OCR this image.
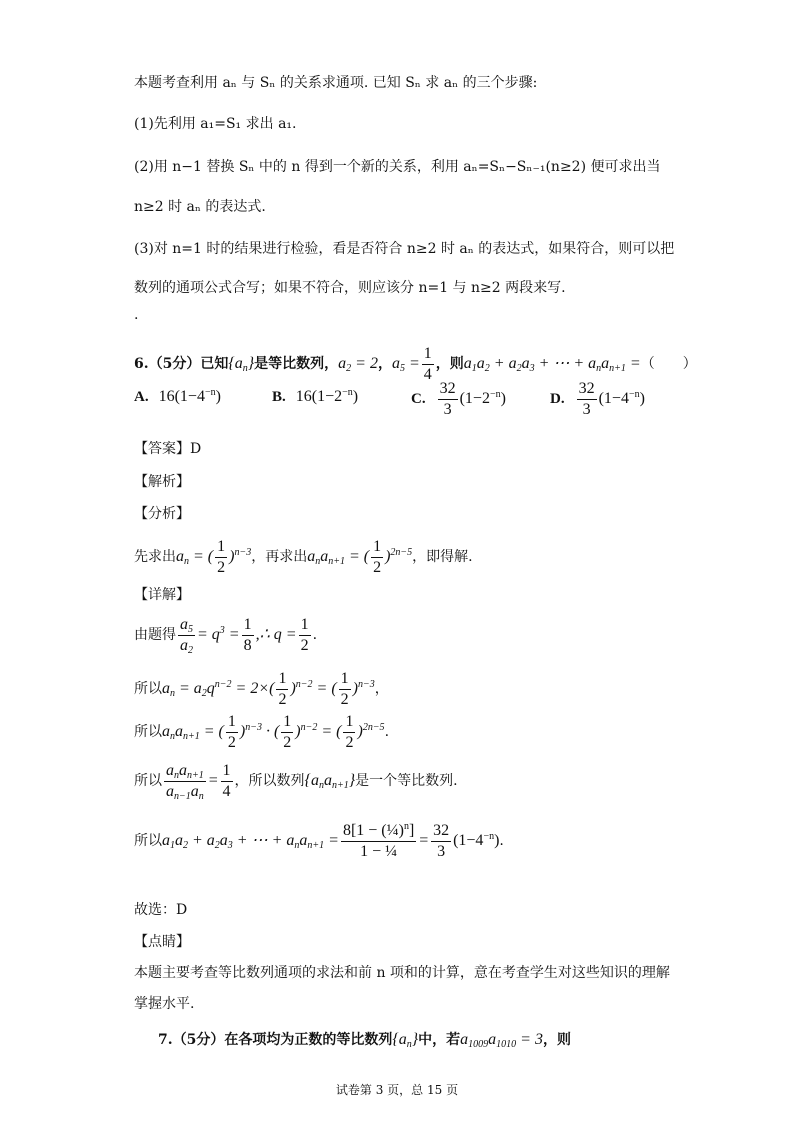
本题考查利用 aₙ 与 Sₙ 的关系求通项. 已知 Sₙ 求 aₙ 的三个步骤:
(1)先利用 a₁=S₁ 求出 a₁.
(2)用 n−1 替换 Sₙ 中的 n 得到一个新的关系，利用 aₙ=Sₙ−Sₙ₋₁(n≥2) 便可求出当
n≥2 时 aₙ 的表达式.
(3)对 n=1 时的结果进行检验，看是否符合 n≥2 时 aₙ 的表达式，如果符合，则可以把
数列的通项公式合写；如果不符合，则应该分 n=1 与 n≥2 两段来写.
.
6.（5分）已知$\{a_n\}$是等比数列，$a_2 = 2$，$a_5 = \frac{1}{4}$ ，则$a_1a_2 + a_2a_3$ + ⋯ + $a_na_{n+1}$ =（　　）
A. $16(1-4^{-n})$	B. $16(1-2^{-n})$	C. $\frac{32}{3} (1-2^{-n})$	D. $\frac{32}{3} (1-4^{-n})$
【答案】D
【解析】
【分析】
先求出$a_n$ = ( $\frac{1}{2} )^{n-3}$，再求出$a_na_{n+1}$ = ( $\frac{1}{2} )^{2n-5}$，即得解.
【详解】
由题得 $\frac{a_5}{a_2} = q^3 = \frac{1}{8}$ ,∴ $q = \frac{1}{2}$ .
所以$a_n = a_2q^{n-2} = 2\times( \frac{1}{2} )^{n-2}$ = ( $\frac{1}{2} )^{n-3}$，
所以$a_na_{n+1}$ = ( $\frac{1}{2} )^{n-3}$ · ( $\frac{1}{2} )^{n-2}$ = ( $\frac{1}{2} )^{2n-5}$.
所以 $\frac{a_na_{n+1}}{a_{n-1}a_n} = \frac{1}{4}$ ，所以数列$\{a_na_{n+1}\}$是一个等比数列.
所以$a_1a_2 + a_2a_3$ + ⋯ + $a_na_{n+1} = \frac{8[1 - (\frac{1}{4})^n]}{\text{1 − ¼}} = \frac{32}{3} (1-4^{-n})$.
故选：D
【点睛】
本题主要考查等比数列通项的求法和前 n 项和的计算，意在考查学生对这些知识的理解
掌握水平.
7.（5分）在各项均为正数的等比数列$\{a_n\}$中，若$a_{1009}a_{1010} = 3$，则
试卷第 3 页，总 15 页
